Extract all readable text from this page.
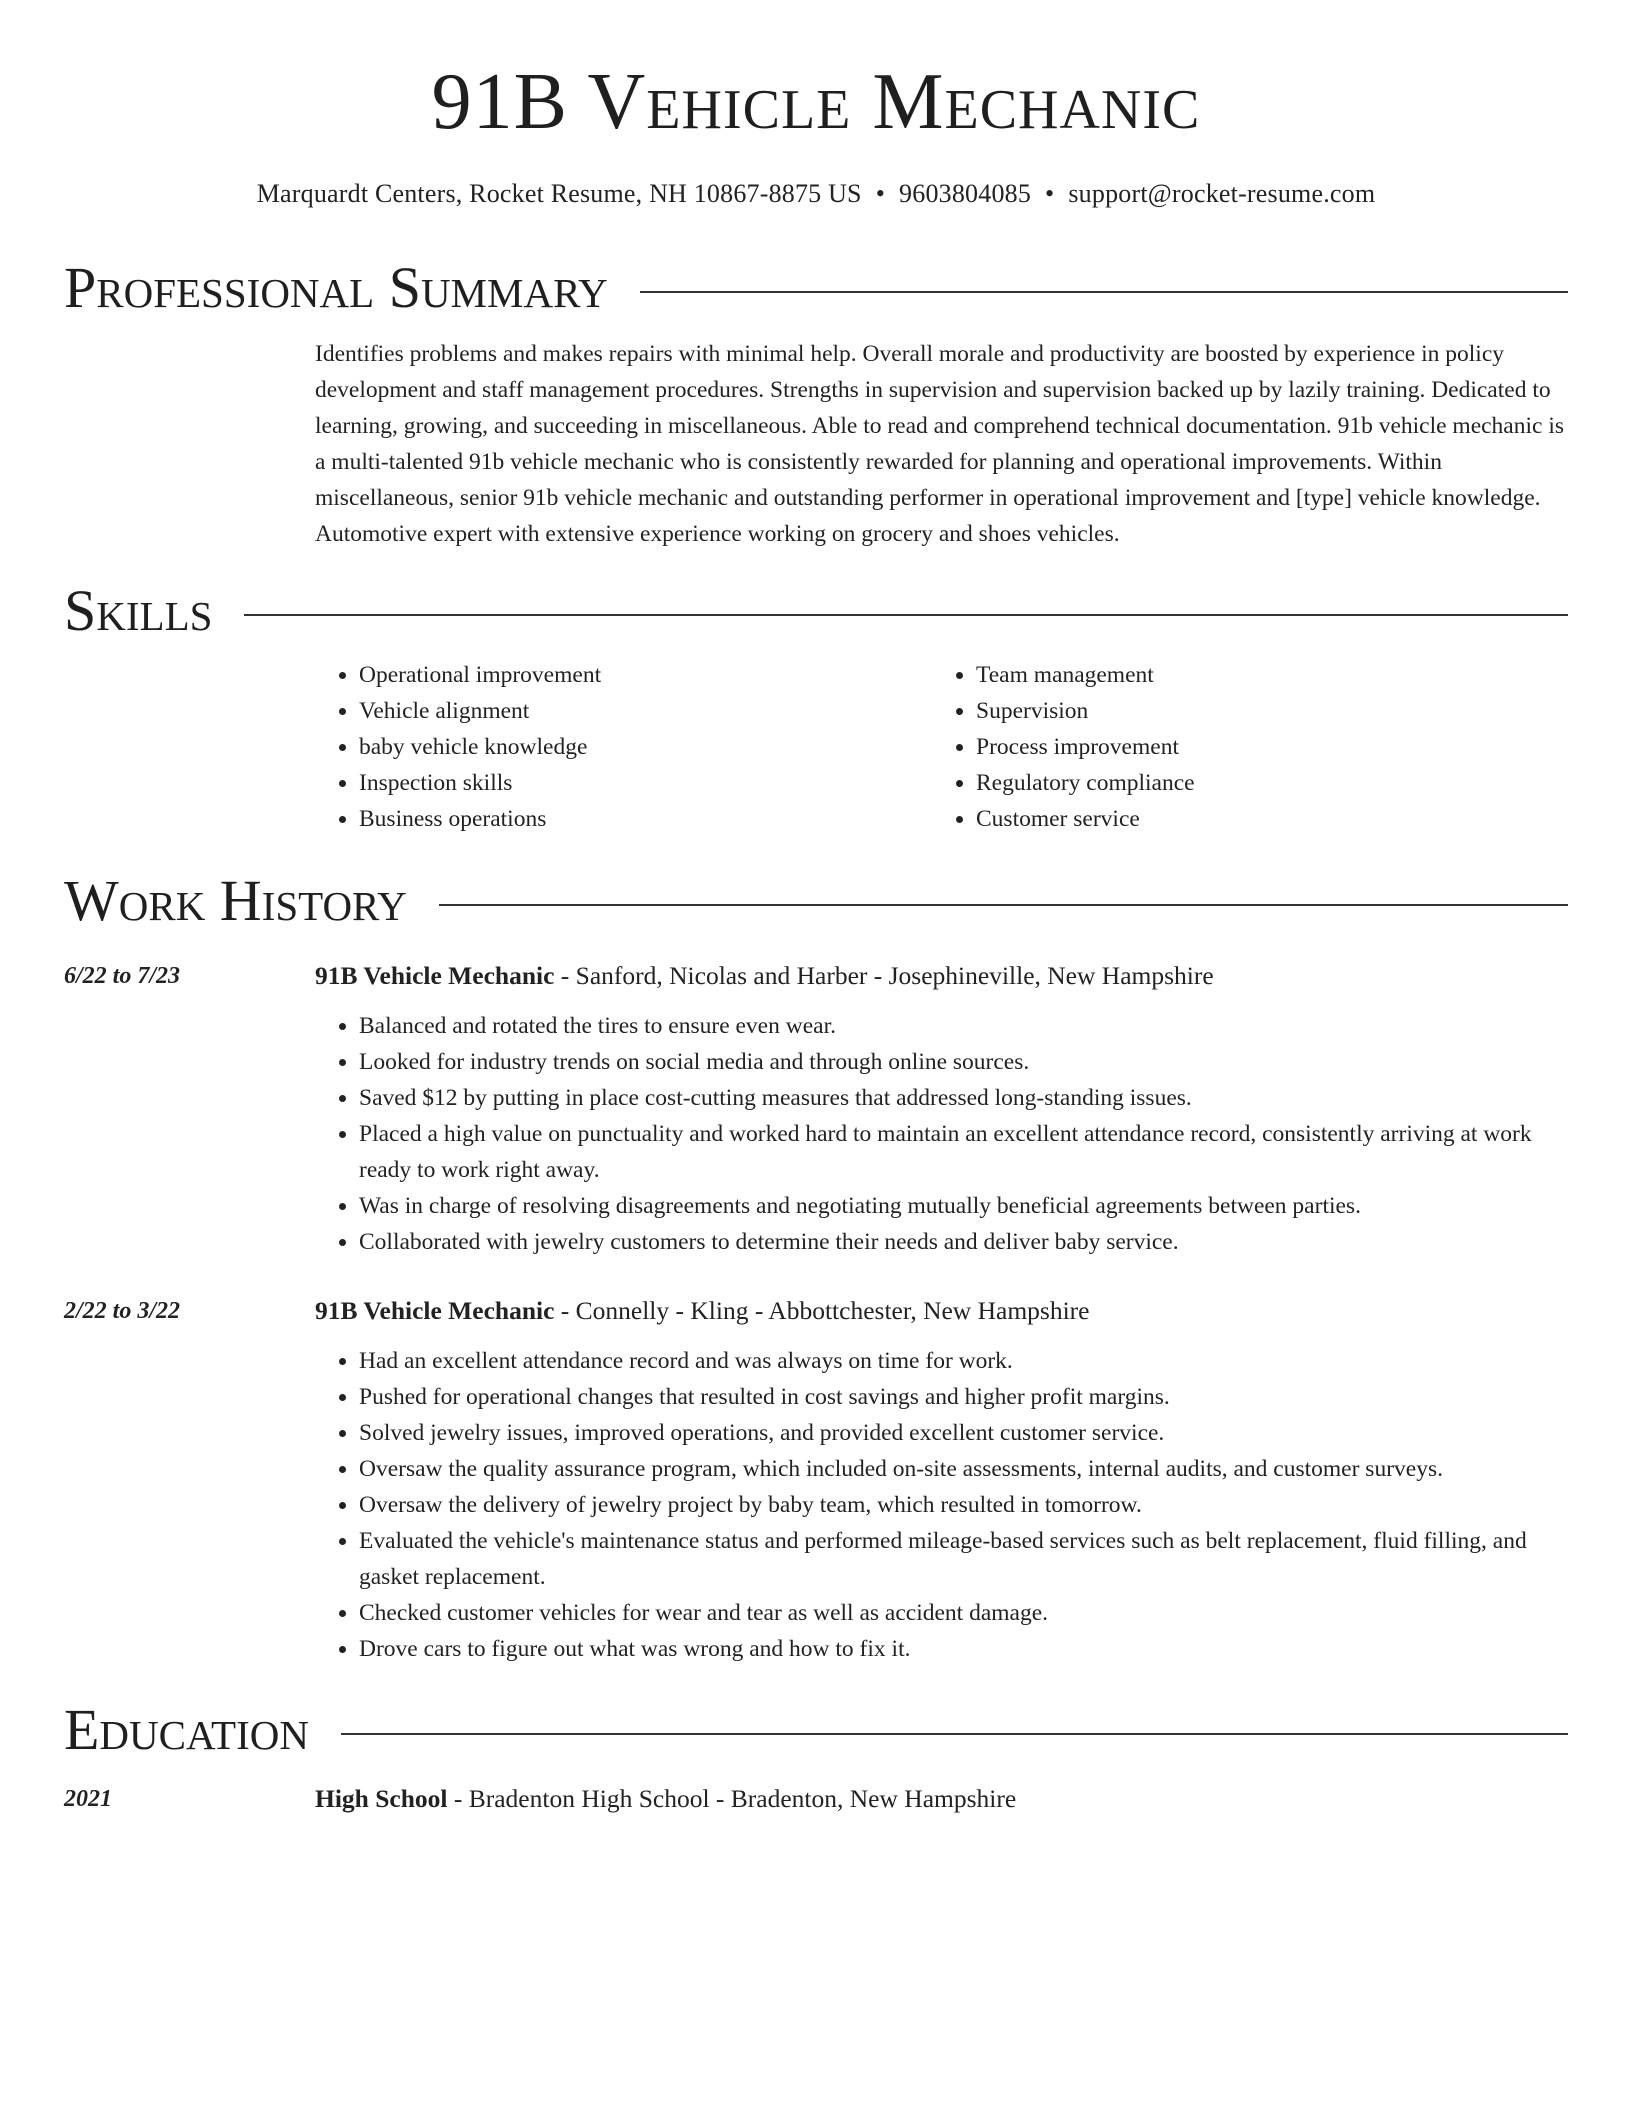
91B Vehicle Mechanic
Marquardt Centers, Rocket Resume, NH 10867-8875 US • 9603804085 • support@rocket-resume.com
Professional Summary

Identifies problems and makes repairs with minimal help. Overall morale and productivity are boosted by experience in policy development and staff management procedures. Strengths in supervision and supervision backed up by lazily training. Dedicated to learning, growing, and succeeding in miscellaneous. Able to read and comprehend technical documentation. 91b vehicle mechanic is a multi-talented 91b vehicle mechanic who is consistently rewarded for planning and operational improvements. Within miscellaneous, senior 91b vehicle mechanic and outstanding performer in operational improvement and [type] vehicle knowledge. Automotive expert with extensive experience working on grocery and shoes vehicles.

Skills
• Operational improvement
• Vehicle alignment
• baby vehicle knowledge
• Inspection skills
• Business operations
• Team management
• Supervision
• Process improvement
• Regulatory compliance
• Customer service
Work History
6/22 to 7/23	91B Vehicle Mechanic - Sanford, Nicolas and Harber - Josephineville, New Hampshire

• Balanced and rotated the tires to ensure even wear.
• Looked for industry trends on social media and through online sources.
• Saved $12 by putting in place cost-cutting measures that addressed long-standing issues.
• Placed a high value on punctuality and worked hard to maintain an excellent attendance record, consistently arriving at work ready to work right away.
• Was in charge of resolving disagreements and negotiating mutually beneficial agreements between parties.
• Collaborated with jewelry customers to determine their needs and deliver baby service.
2/22 to 3/22	91B Vehicle Mechanic - Connelly - Kling - Abbottchester, New Hampshire

• Had an excellent attendance record and was always on time for work.
• Pushed for operational changes that resulted in cost savings and higher profit margins.
• Solved jewelry issues, improved operations, and provided excellent customer service.
• Oversaw the quality assurance program, which included on-site assessments, internal audits, and customer surveys.
• Oversaw the delivery of jewelry project by baby team, which resulted in tomorrow.
• Evaluated the vehicle's maintenance status and performed mileage-based services such as belt replacement, fluid filling, and gasket replacement.
• Checked customer vehicles for wear and tear as well as accident damage.
• Drove cars to figure out what was wrong and how to fix it.
Education
2021	High School - Bradenton High School - Bradenton, New Hampshire
